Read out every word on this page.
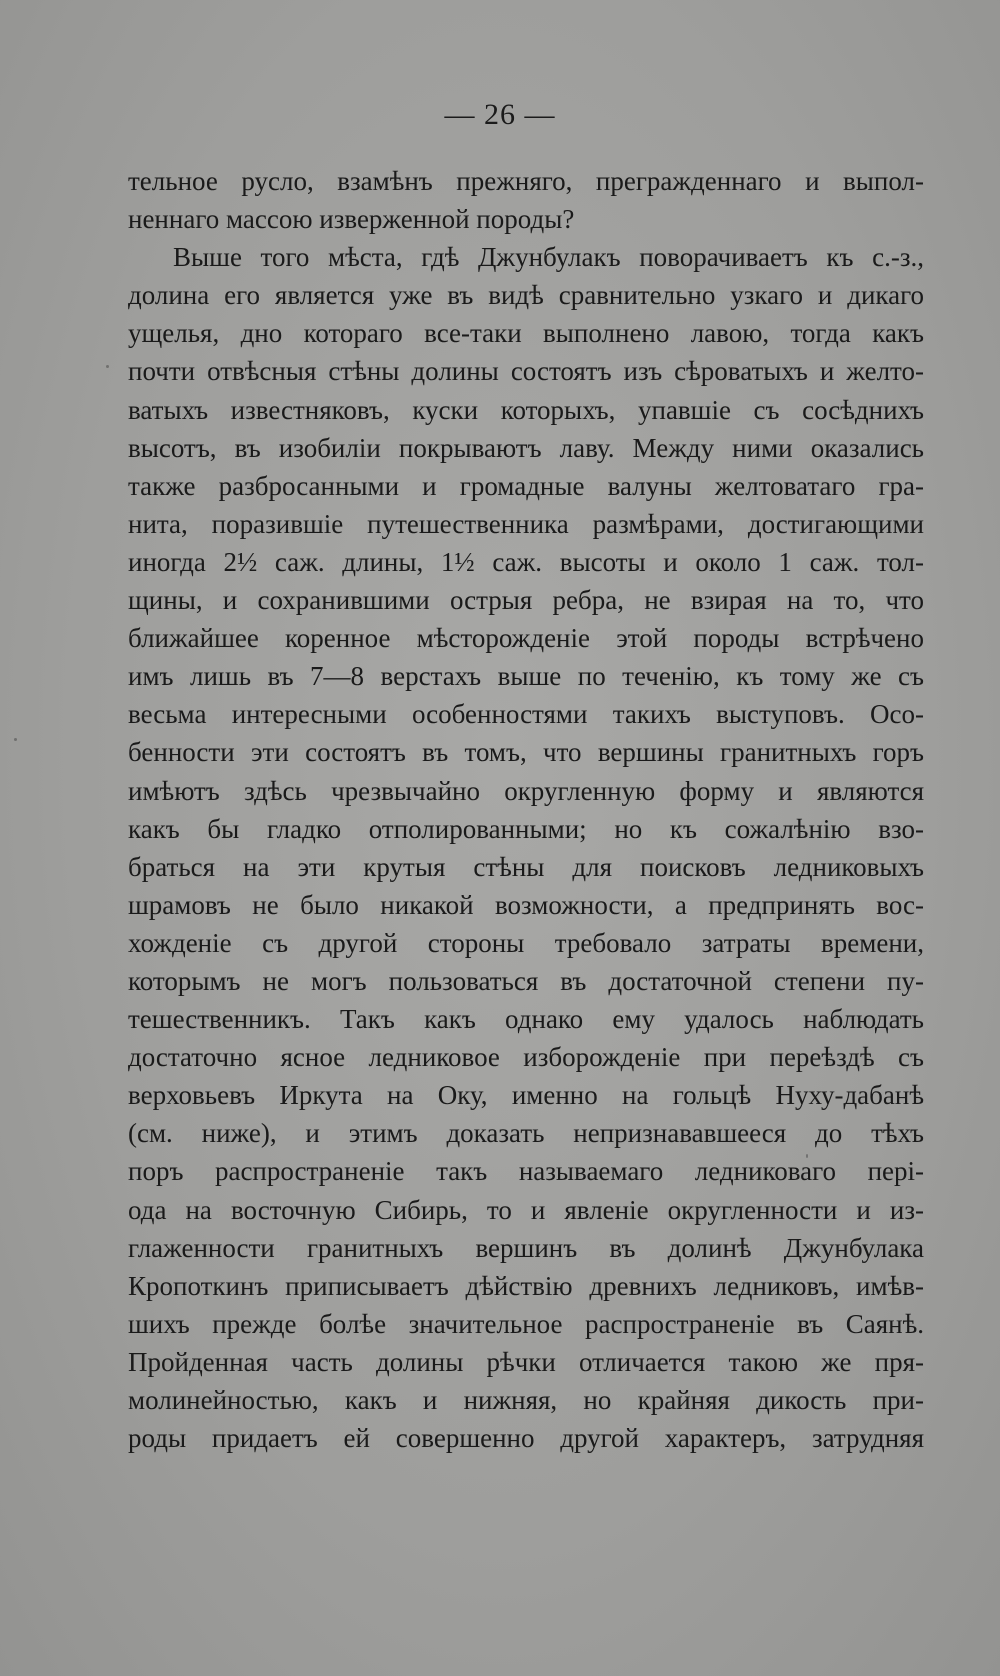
— 26 —
тельное русло, взамѣнъ прежняго, прегражденнаго и выпол-
неннаго массою изверженной породы?
Выше того мѣста, гдѣ Джунбулакъ поворачиваетъ къ с.-з.,
долина его является уже въ видѣ сравнительно узкаго и дикаго
ущелья, дно котораго все-таки выполнено лавою, тогда какъ
почти отвѣсныя стѣны долины состоятъ изъ сѣроватыхъ и желто-
ватыхъ известняковъ, куски которыхъ, упавшіе съ сосѣднихъ
высотъ, въ изобиліи покрываютъ лаву. Между ними оказались
также разбросанными и громадные валуны желтоватаго гра-
нита, поразившіе путешественника размѣрами, достигающими
иногда 2½ саж. длины, 1½ саж. высоты и около 1 саж. тол-
щины, и сохранившими острыя ребра, не взирая на то, что
ближайшее коренное мѣсторожденіе этой породы встрѣчено
имъ лишь въ 7—8 верстахъ выше по теченію, къ тому же съ
весьма интересными особенностями такихъ выступовъ. Осо-
бенности эти состоятъ въ томъ, что вершины гранитныхъ горъ
имѣютъ здѣсь чрезвычайно округленную форму и являются
какъ бы гладко отполированными; но къ сожалѣнію взо-
браться на эти крутыя стѣны для поисковъ ледниковыхъ
шрамовъ не было никакой возможности, а предпринять вос-
хожденіе съ другой стороны требовало затраты времени,
которымъ не могъ пользоваться въ достаточной степени пу-
тешественникъ. Такъ какъ однако ему удалось наблюдать
достаточно ясное ледниковое изборожденіе при переѣздѣ съ
верховьевъ Иркута на Оку, именно на гольцѣ Нуху-дабанѣ
(см. ниже), и этимъ доказать непризнававшееся до тѣхъ
поръ распространеніе такъ называемаго ледниковаго пері-
ода на восточную Сибирь, то и явленіе округленности и из-
глаженности гранитныхъ вершинъ въ долинѣ Джунбулака
Кропоткинъ приписываетъ дѣйствію древнихъ ледниковъ, имѣв-
шихъ прежде болѣе значительное распространеніе въ Саянѣ.
Пройденная часть долины рѣчки отличается такою же пря-
молинейностью, какъ и нижняя, но крайняя дикость при-
роды придаетъ ей совершенно другой характеръ, затрудняя
